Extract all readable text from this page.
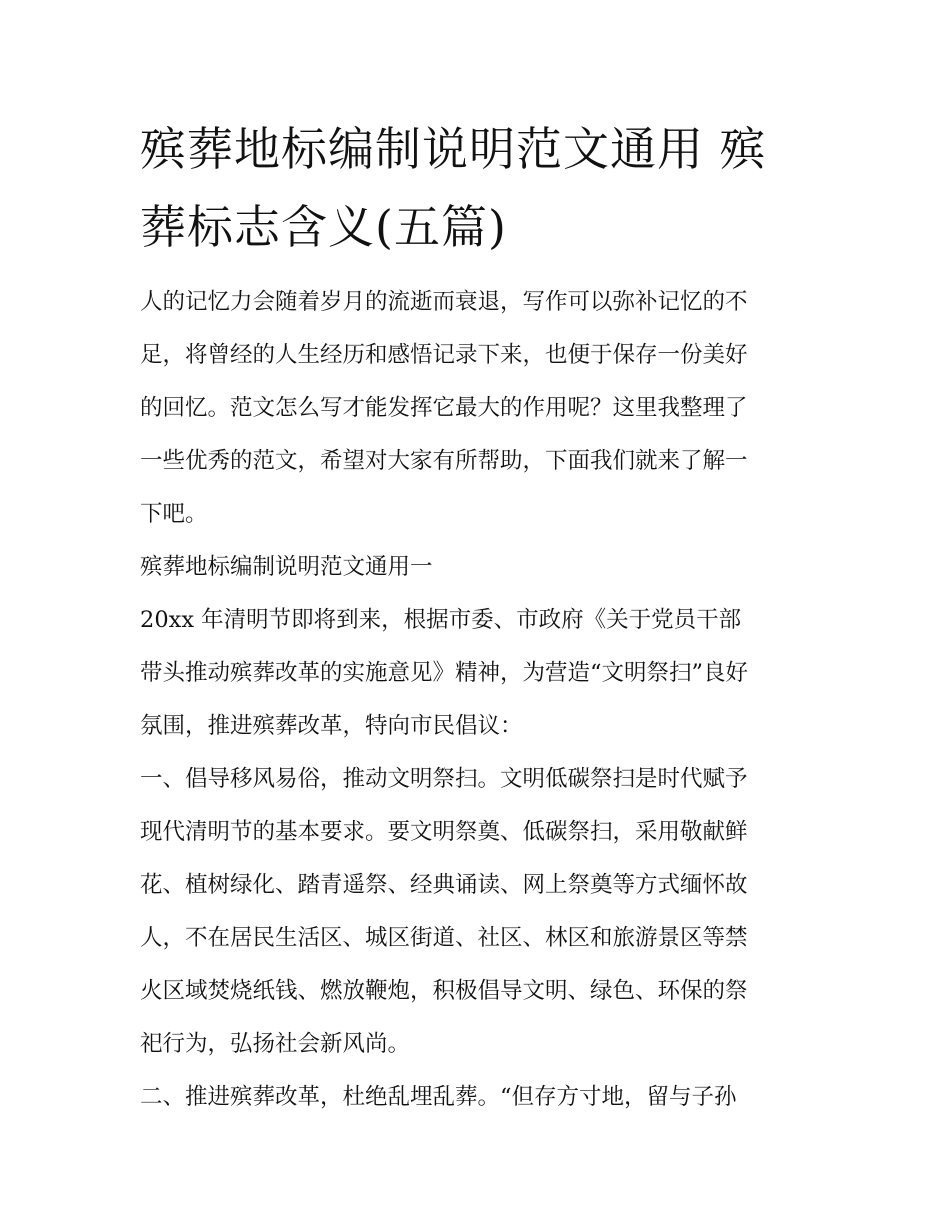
殡葬地标编制说明范文通用 殡
葬标志含义(五篇)

人的记忆力会随着岁月的流逝而衰退，写作可以弥补记忆的不
足，将曾经的人生经历和感悟记录下来，也便于保存一份美好
的回忆。范文怎么写才能发挥它最大的作用呢？这里我整理了
一些优秀的范文，希望对大家有所帮助，下面我们就来了解一
下吧。

殡葬地标编制说明范文通用一

20xx 年清明节即将到来，根据市委、市政府《关于党员干部
带头推动殡葬改革的实施意见》精神，为营造“文明祭扫”良好
氛围，推进殡葬改革，特向市民倡议：

一、倡导移风易俗，推动文明祭扫。文明低碳祭扫是时代赋予
现代清明节的基本要求。要文明祭奠、低碳祭扫，采用敬献鲜
花、植树绿化、踏青遥祭、经典诵读、网上祭奠等方式缅怀故
人，不在居民生活区、城区街道、社区、林区和旅游景区等禁
火区域焚烧纸钱、燃放鞭炮，积极倡导文明、绿色、环保的祭
祀行为，弘扬社会新风尚。

二、推进殡葬改革，杜绝乱埋乱葬。“但存方寸地，留与子孙
